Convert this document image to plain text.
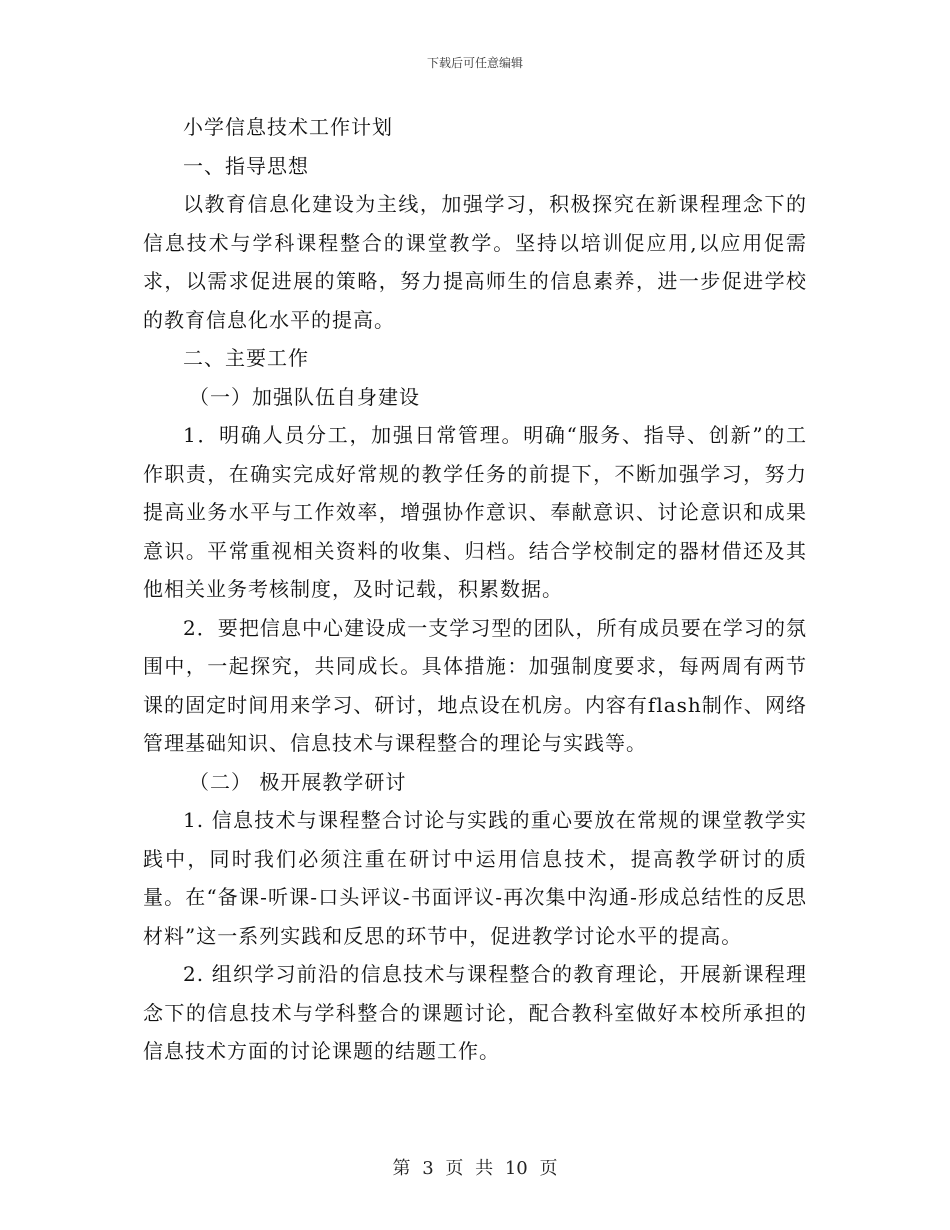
下载后可任意编辑

小学信息技术工作计划

一、指导思想

以教育信息化建设为主线，加强学习，积极探究在新课程理念下的信息技术与学科课程整合的课堂教学。坚持以培训促应用,以应用促需求，以需求促进展的策略，努力提高师生的信息素养，进一步促进学校的教育信息化水平的提高。

二、主要工作

（一）加强队伍自身建设

1．明确人员分工，加强日常管理。明确“服务、指导、创新”的工作职责，在确实完成好常规的教学任务的前提下，不断加强学习，努力提高业务水平与工作效率，增强协作意识、奉献意识、讨论意识和成果意识。平常重视相关资料的收集、归档。结合学校制定的器材借还及其他相关业务考核制度，及时记载，积累数据。

2．要把信息中心建设成一支学习型的团队，所有成员要在学习的氛围中，一起探究，共同成长。具体措施：加强制度要求，每两周有两节课的固定时间用来学习、研讨，地点设在机房。内容有flash制作、网络管理基础知识、信息技术与课程整合的理论与实践等。

（二） 极开展教学研讨

1. 信息技术与课程整合讨论与实践的重心要放在常规的课堂教学实践中，同时我们必须注重在研讨中运用信息技术，提高教学研讨的质量。在“备课-听课-口头评议-书面评议-再次集中沟通-形成总结性的反思材料”这一系列实践和反思的环节中，促进教学讨论水平的提高。

2. 组织学习前沿的信息技术与课程整合的教育理论，开展新课程理念下的信息技术与学科整合的课题讨论，配合教科室做好本校所承担的信息技术方面的讨论课题的结题工作。

第 3 页 共 10 页
